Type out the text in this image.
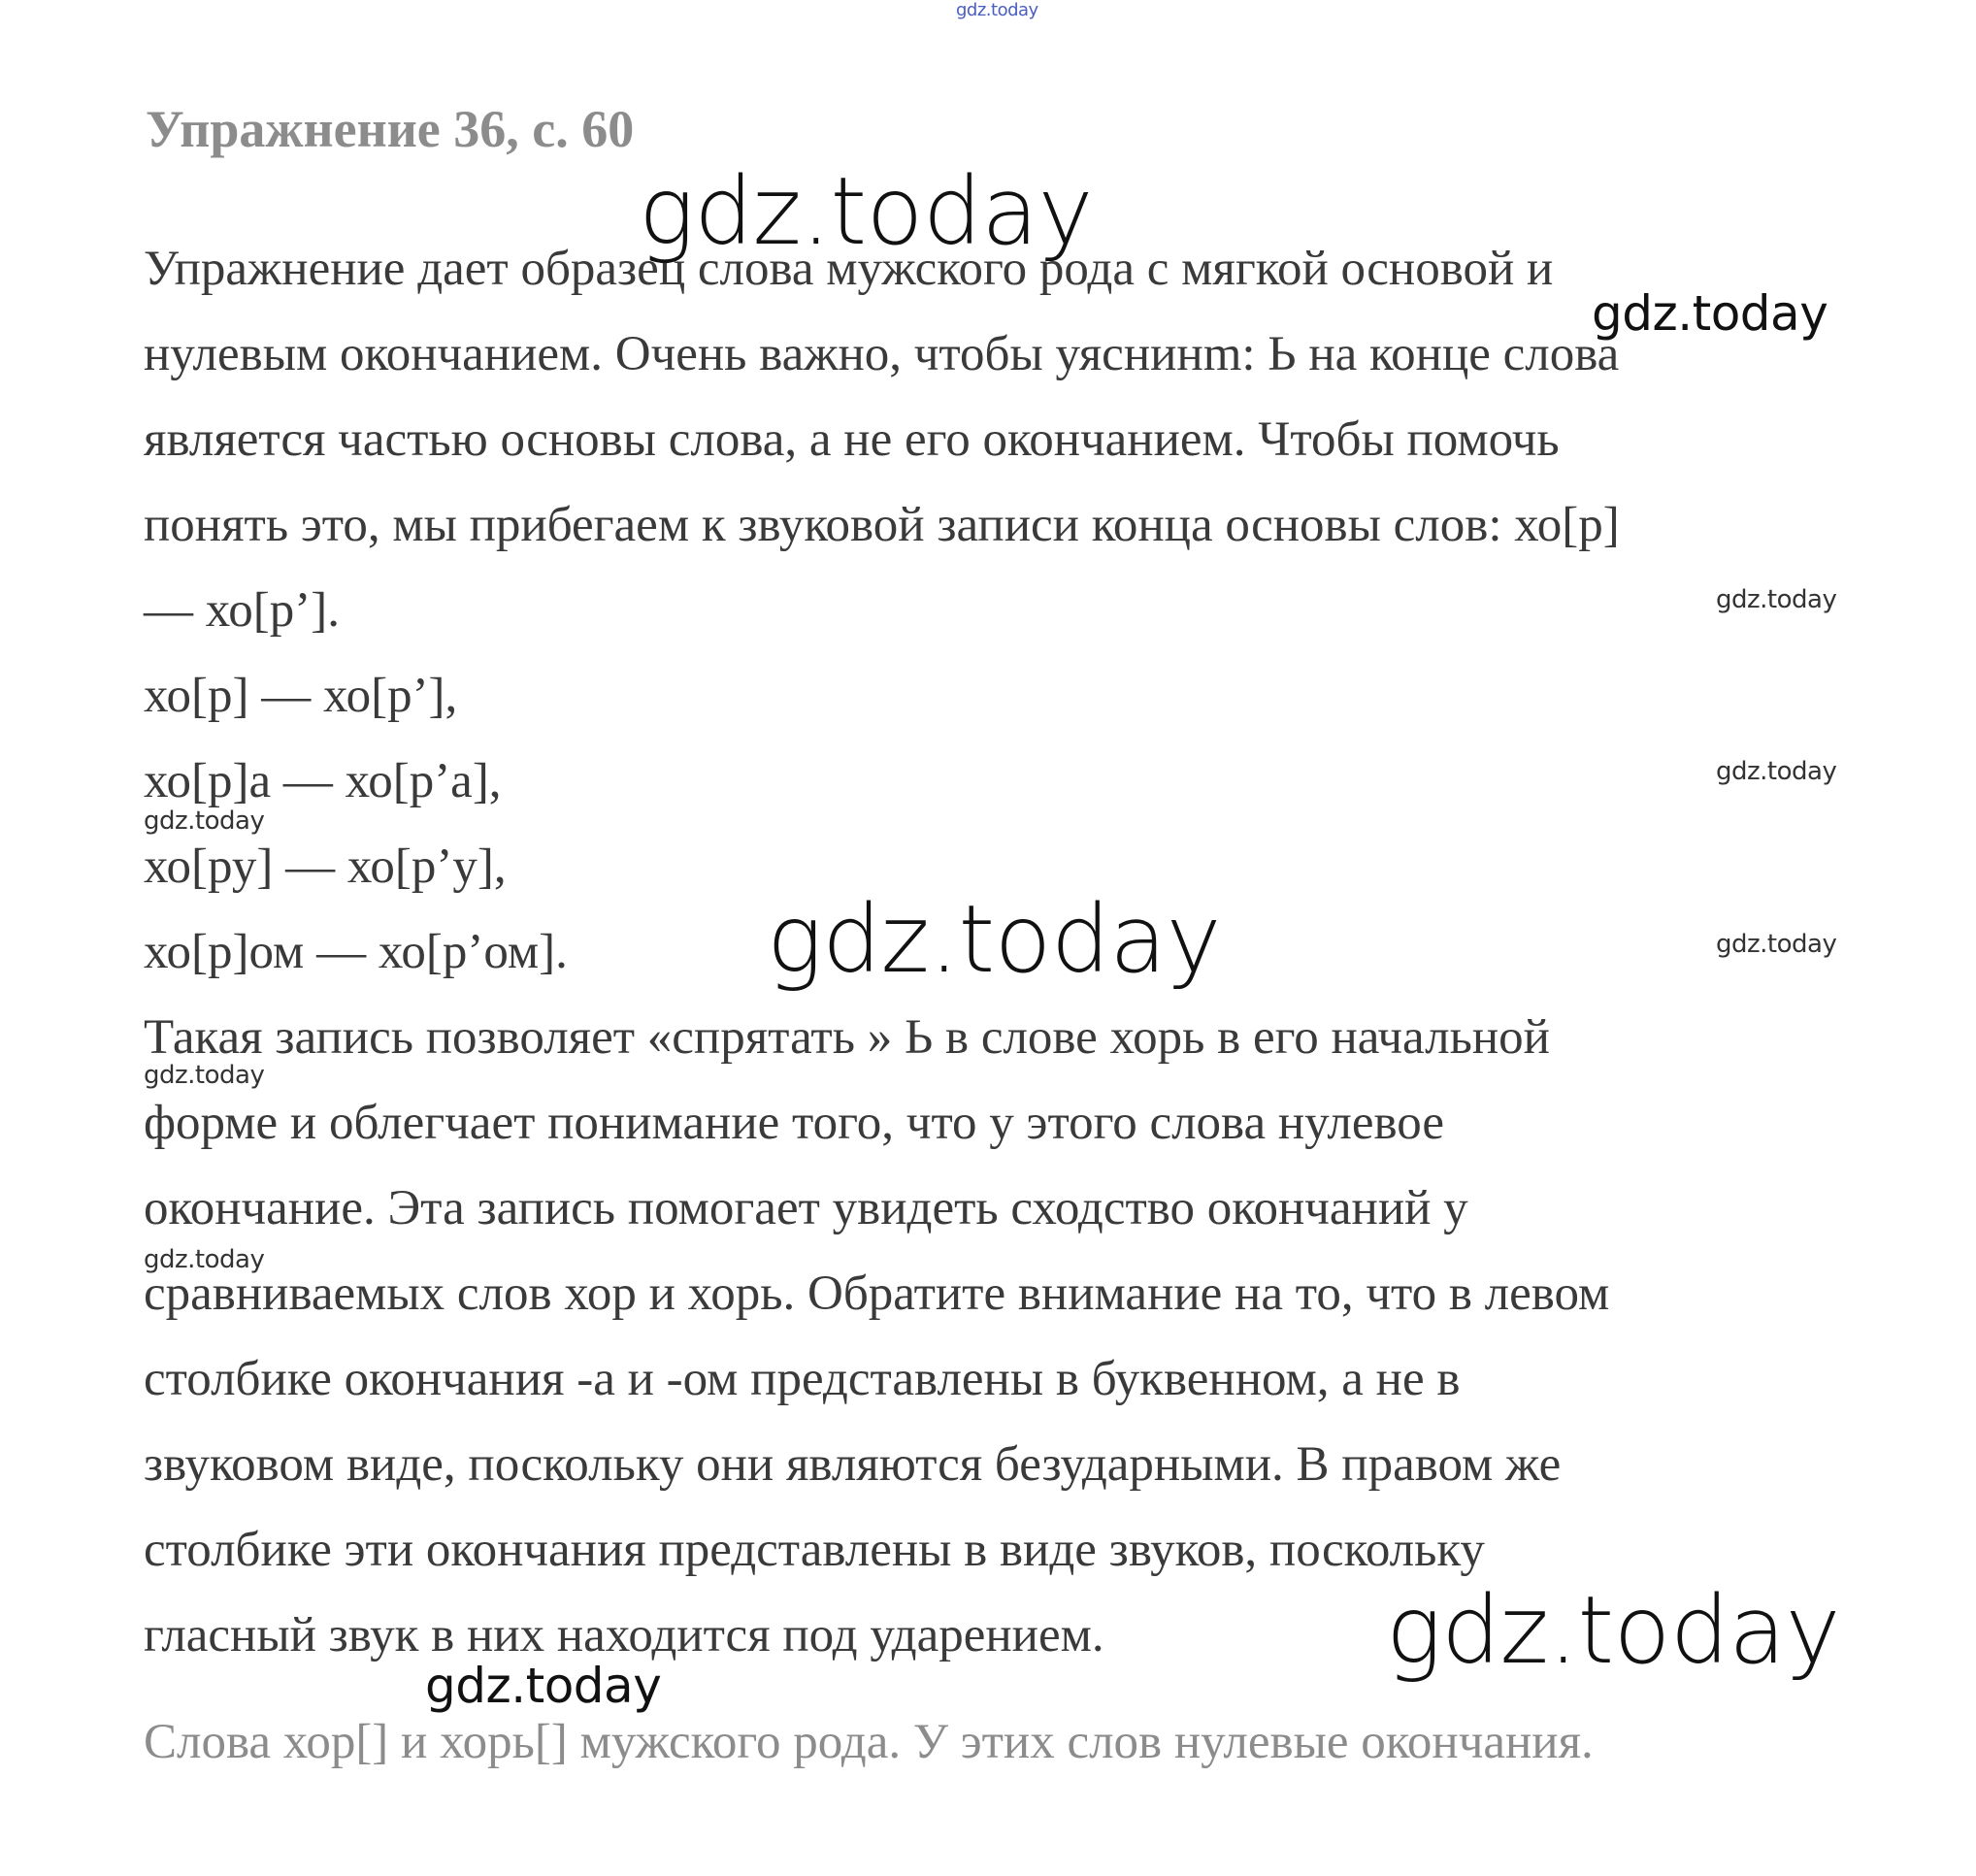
gdz.today
Упражнение 36, с. 60
Упражнение дает образец слова мужского рода с мягкой основой и
нулевым окончанием. Очень важно, чтобы уяснинm: Ь на конце слова
является частью основы слова, а не его окончанием. Чтобы помочь
понять это, мы прибегаем к звуковой записи конца основы слов: хо[р]
— хо[р’].
хо[р] — хо[р’],
хо[р]а — хо[р’а],
хо[ру] — хо[р’у],
хо[р]ом — хо[р’ом].
Такая запись позволяет «спрятать » Ь в слове хорь в его начальной
форме и облегчает понимание того, что у этого слова нулевое
окончание. Эта запись помогает увидеть сходство окончаний у
сравниваемых слов хор и хорь. Обратите внимание на то, что в левом
столбике окончания -а и -ом представлены в буквенном, а не в
звуковом виде, поскольку они являются безударными. В правом же
столбике эти окончания представлены в виде звуков, поскольку
гласный звук в них находится под ударением.
Слова хор[] и хорь[] мужского рода. У этих слов нулевые окончания.
gdz.today
gdz.today
gdz.today
gdz.today
gdz.today
gdz.today	gdz.today
gdz.today
gdz.today
gdz.today
gdz.today
